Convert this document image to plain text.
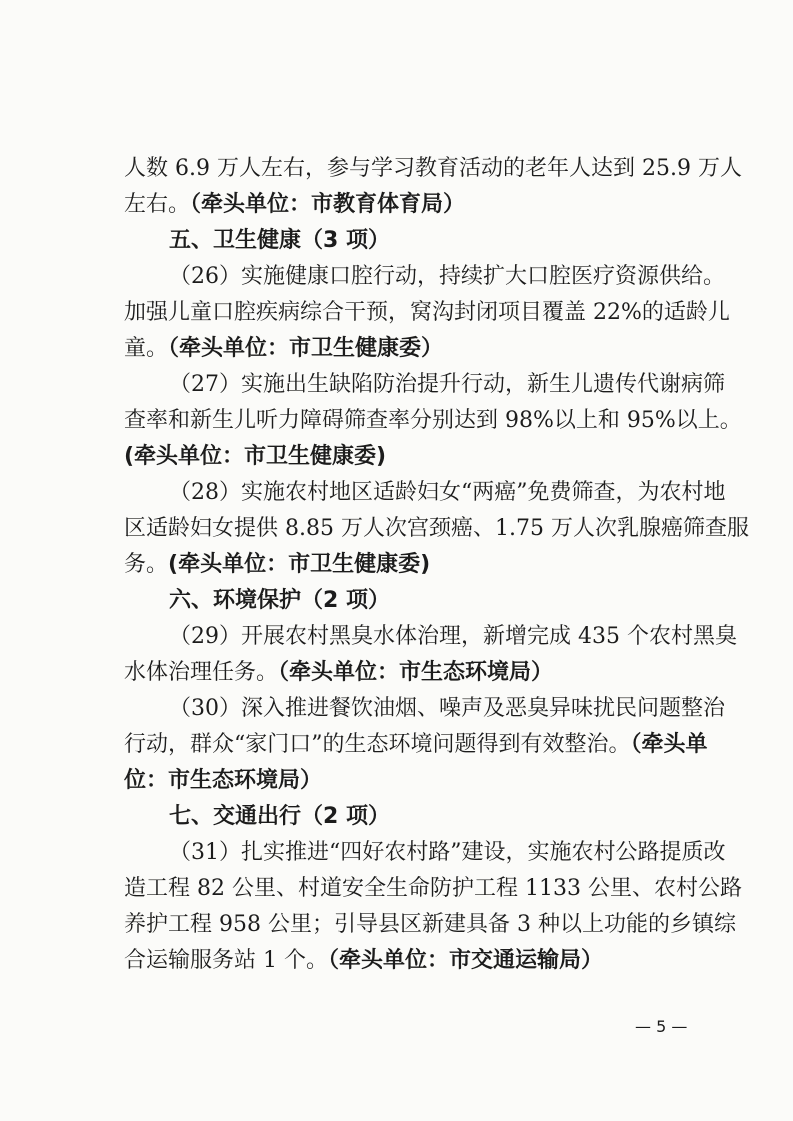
人数 6.9 万人左右，参与学习教育活动的老年人达到 25.9 万人
左右。（牵头单位：市教育体育局）
五、卫生健康（3 项）
（26）实施健康口腔行动，持续扩大口腔医疗资源供给。
加强儿童口腔疾病综合干预，窝沟封闭项目覆盖 22%的适龄儿
童。（牵头单位：市卫生健康委）
（27）实施出生缺陷防治提升行动，新生儿遗传代谢病筛
查率和新生儿听力障碍筛查率分别达到 98%以上和 95%以上。
(牵头单位：市卫生健康委)
（28）实施农村地区适龄妇女“两癌”免费筛查，为农村地
区适龄妇女提供 8.85 万人次宫颈癌、1.75 万人次乳腺癌筛查服
务。(牵头单位：市卫生健康委)
六、环境保护（2 项）
（29）开展农村黑臭水体治理，新增完成 435 个农村黑臭
水体治理任务。（牵头单位：市生态环境局）
（30）深入推进餐饮油烟、噪声及恶臭异味扰民问题整治
行动，群众“家门口”的生态环境问题得到有效整治。（牵头单
位：市生态环境局）
七、交通出行（2 项）
（31）扎实推进“四好农村路”建设，实施农村公路提质改
造工程 82 公里、村道安全生命防护工程 1133 公里、农村公路
养护工程 958 公里；引导县区新建具备 3 种以上功能的乡镇综
合运输服务站 1 个。（牵头单位：市交通运输局）
— 5 —
